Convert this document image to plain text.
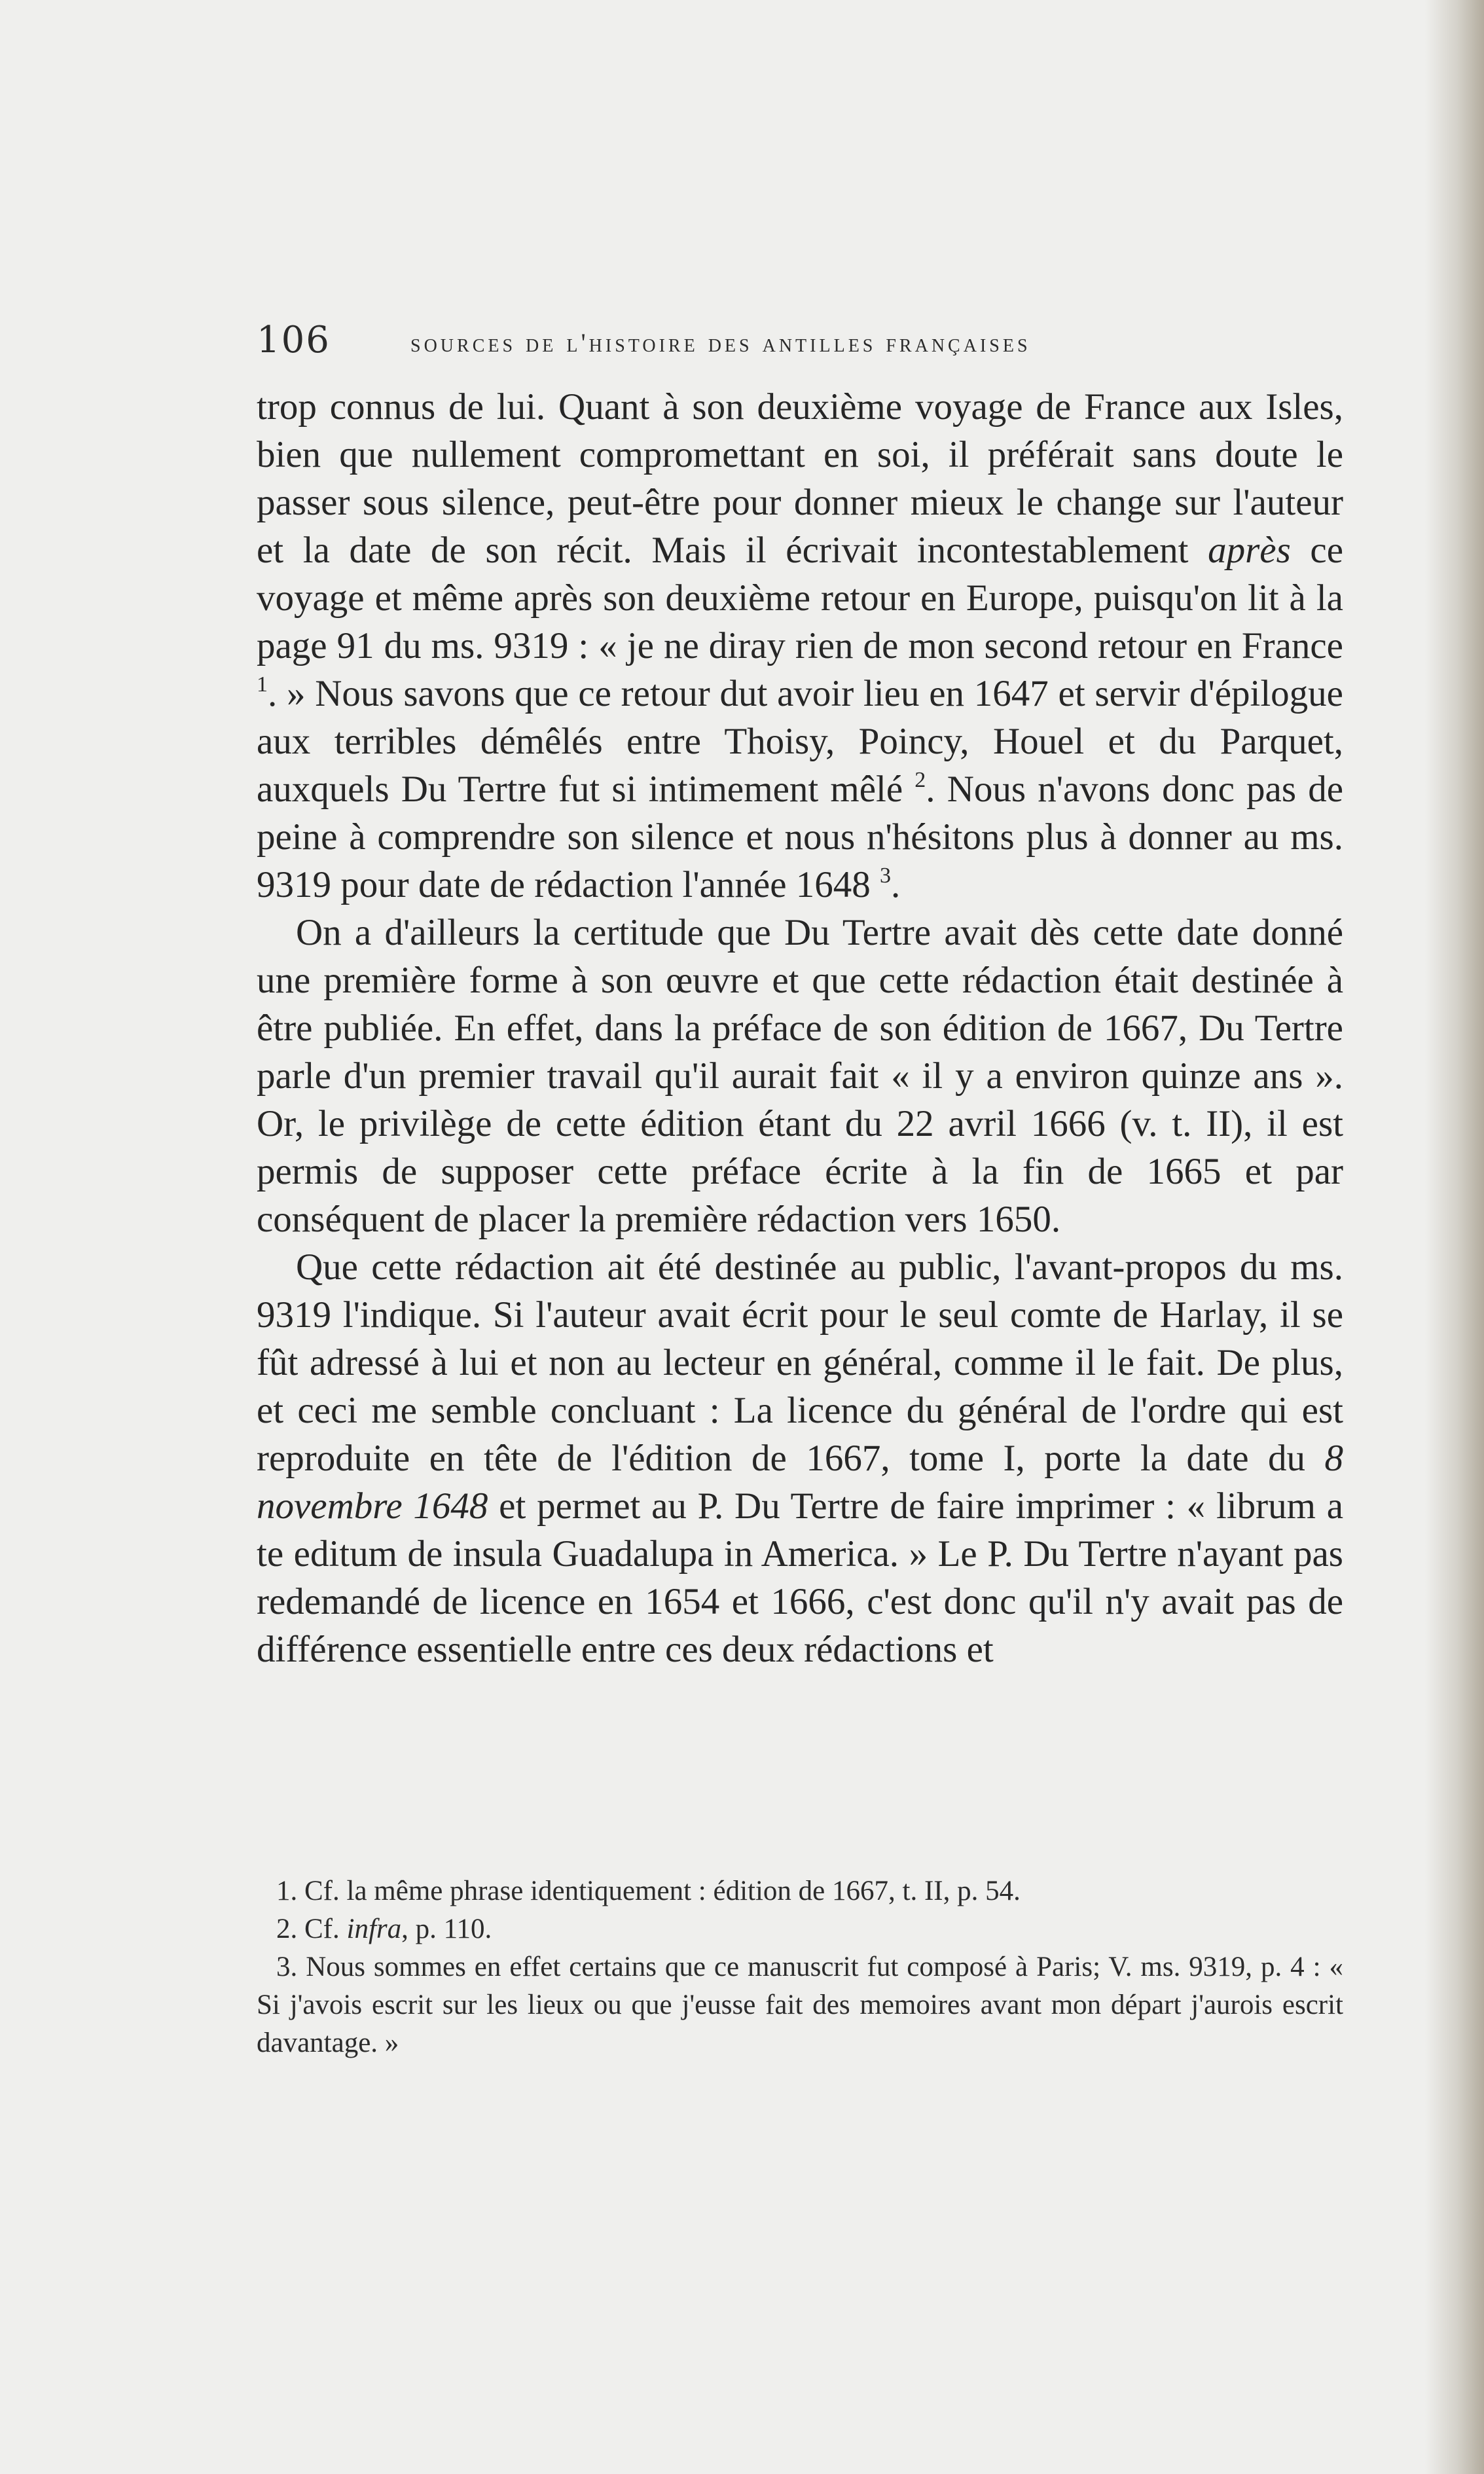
106	sources de l'histoire des antilles françaises

trop connus de lui. Quant à son deuxième voyage de France aux Isles, bien que nullement compromettant en soi, il préférait sans doute le passer sous silence, peut-être pour donner mieux le change sur l'auteur et la date de son récit. Mais il écrivait incontestablement après ce voyage et même après son deuxième retour en Europe, puisqu'on lit à la page 91 du ms. 9319 : « je ne diray rien de mon second retour en France $^1$. » Nous savons que ce retour dut avoir lieu en 1647 et servir d'épilogue aux terribles démêlés entre Thoisy, Poincy, Houel et du Parquet, auxquels Du Tertre fut si intimement mêlé $^2$. Nous n'avons donc pas de peine à comprendre son silence et nous n'hésitons plus à donner au ms. 9319 pour date de rédaction l'année 1648 $^3$.

On a d'ailleurs la certitude que Du Tertre avait dès cette date donné une première forme à son œuvre et que cette rédaction était destinée à être publiée. En effet, dans la préface de son édition de 1667, Du Tertre parle d'un premier travail qu'il aurait fait « il y a environ quinze ans ». Or, le privilège de cette édition étant du 22 avril 1666 (v. t. II), il est permis de supposer cette préface écrite à la fin de 1665 et par conséquent de placer la première rédaction vers 1650.

Que cette rédaction ait été destinée au public, l'avant-propos du ms. 9319 l'indique. Si l'auteur avait écrit pour le seul comte de Harlay, il se fût adressé à lui et non au lecteur en général, comme il le fait. De plus, et ceci me semble concluant : La licence du général de l'ordre qui est reproduite en tête de l'édition de 1667, tome I, porte la date du 8 novembre 1648 et permet au P. Du Tertre de faire imprimer : « librum a te editum de insula Guadalupa in America. » Le P. Du Tertre n'ayant pas redemandé de licence en 1654 et 1666, c'est donc qu'il n'y avait pas de différence essentielle entre ces deux rédactions et

1. Cf. la même phrase identiquement : édition de 1667, t. II, p. 54.

2. Cf. infra, p. 110.

3. Nous sommes en effet certains que ce manuscrit fut composé à Paris; V. ms. 9319, p. 4 : « Si j'avois escrit sur les lieux ou que j'eusse fait des memoires avant mon départ j'aurois escrit davantage. »
